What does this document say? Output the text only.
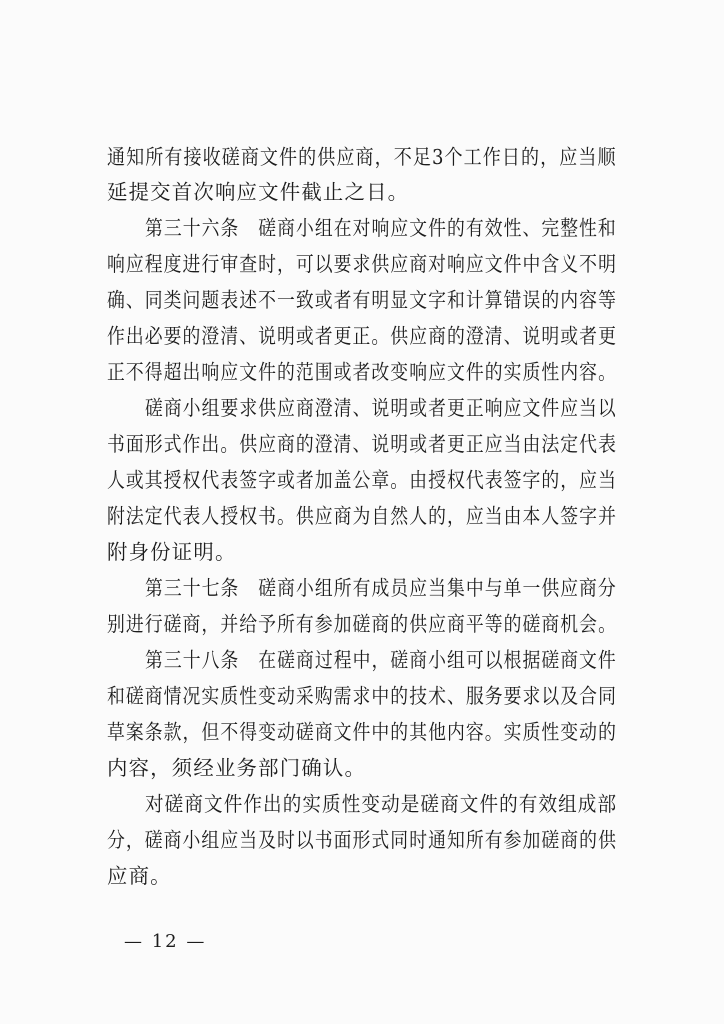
通知所有接收磋商文件的供应商，不足3个工作日的，应当顺
延提交首次响应文件截止之日。
第三十六条　磋商小组在对响应文件的有效性、完整性和
响应程度进行审查时，可以要求供应商对响应文件中含义不明
确、同类问题表述不一致或者有明显文字和计算错误的内容等
作出必要的澄清、说明或者更正。供应商的澄清、说明或者更
正不得超出响应文件的范围或者改变响应文件的实质性内容。
磋商小组要求供应商澄清、说明或者更正响应文件应当以
书面形式作出。供应商的澄清、说明或者更正应当由法定代表
人或其授权代表签字或者加盖公章。由授权代表签字的，应当
附法定代表人授权书。供应商为自然人的，应当由本人签字并
附身份证明。
第三十七条　磋商小组所有成员应当集中与单一供应商分
别进行磋商，并给予所有参加磋商的供应商平等的磋商机会。
第三十八条　在磋商过程中，磋商小组可以根据磋商文件
和磋商情况实质性变动采购需求中的技术、服务要求以及合同
草案条款，但不得变动磋商文件中的其他内容。实质性变动的
内容，须经业务部门确认。
对磋商文件作出的实质性变动是磋商文件的有效组成部
分，磋商小组应当及时以书面形式同时通知所有参加磋商的供
应商。
— 12 —
